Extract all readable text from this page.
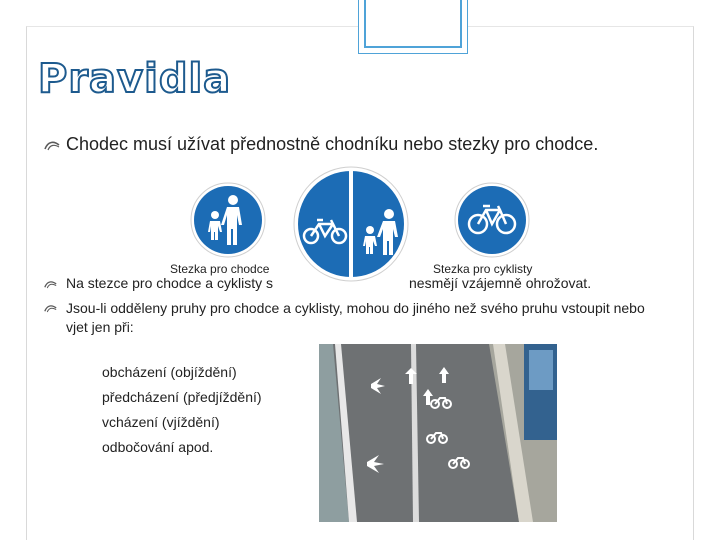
Pravidla
Chodec musí užívat přednostně chodníku nebo stezky pro chodce.
Stezka pro chodce	Stezka pro cyklisty
Na stezce pro chodce a cyklisty s	nesmějí vzájemně ohrožovat.
Jsou-li odděleny pruhy pro chodce a cyklisty, mohou do jiného než svého pruhu vstoupit nebo vjet jen při:
obcházení (objíždění)
předcházení (předjíždění)
vcházení (vjíždění)
odbočování apod.
